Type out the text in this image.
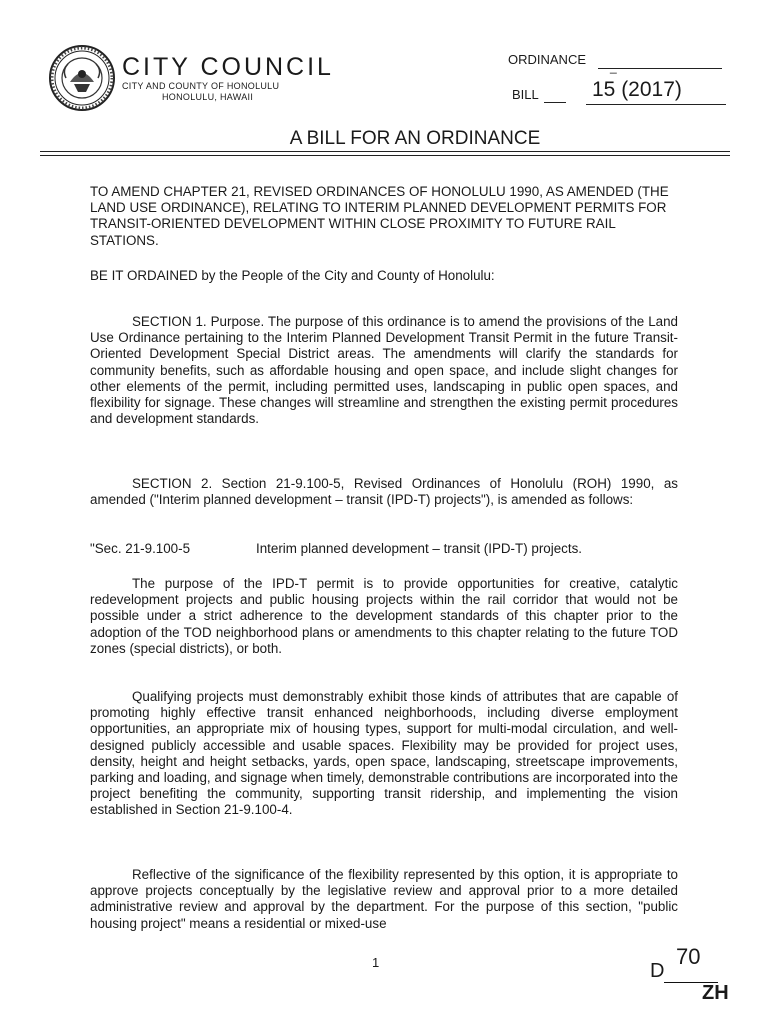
CITY COUNCIL
CITY AND COUNTY OF HONOLULU
HONOLULU, HAWAII
ORDINANCE _
BILL	15 (2017)
A BILL FOR AN ORDINANCE
TO AMEND CHAPTER 21, REVISED ORDINANCES OF HONOLULU 1990, AS AMENDED (THE LAND USE ORDINANCE), RELATING TO INTERIM PLANNED DEVELOPMENT PERMITS FOR TRANSIT-ORIENTED DEVELOPMENT WITHIN CLOSE PROXIMITY TO FUTURE RAIL STATIONS.
BE IT ORDAINED by the People of the City and County of Honolulu:
SECTION 1. Purpose. The purpose of this ordinance is to amend the provisions of the Land Use Ordinance pertaining to the Interim Planned Development Transit Permit in the future Transit-Oriented Development Special District areas. The amendments will clarify the standards for community benefits, such as affordable housing and open space, and include slight changes for other elements of the permit, including permitted uses, landscaping in public open spaces, and flexibility for signage. These changes will streamline and strengthen the existing permit procedures and development standards.
SECTION 2. Section 21-9.100-5, Revised Ordinances of Honolulu (ROH) 1990, as amended ("Interim planned development – transit (IPD-T) projects"), is amended as follows:
"Sec. 21-9.100-5	Interim planned development – transit (IPD-T) projects.
The purpose of the IPD-T permit is to provide opportunities for creative, catalytic redevelopment projects and public housing projects within the rail corridor that would not be possible under a strict adherence to the development standards of this chapter prior to the adoption of the TOD neighborhood plans or amendments to this chapter relating to the future TOD zones (special districts), or both.
Qualifying projects must demonstrably exhibit those kinds of attributes that are capable of promoting highly effective transit enhanced neighborhoods, including diverse employment opportunities, an appropriate mix of housing types, support for multi-modal circulation, and well-designed publicly accessible and usable spaces. Flexibility may be provided for project uses, density, height and height setbacks, yards, open space, landscaping, streetscape improvements, parking and loading, and signage when timely, demonstrable contributions are incorporated into the project benefiting the community, supporting transit ridership, and implementing the vision established in Section 21-9.100-4.
Reflective of the significance of the flexibility represented by this option, it is appropriate to approve projects conceptually by the legislative review and approval prior to a more detailed administrative review and approval by the department. For the purpose of this section, "public housing project" means a residential or mixed-use
1	D
70
ZH
